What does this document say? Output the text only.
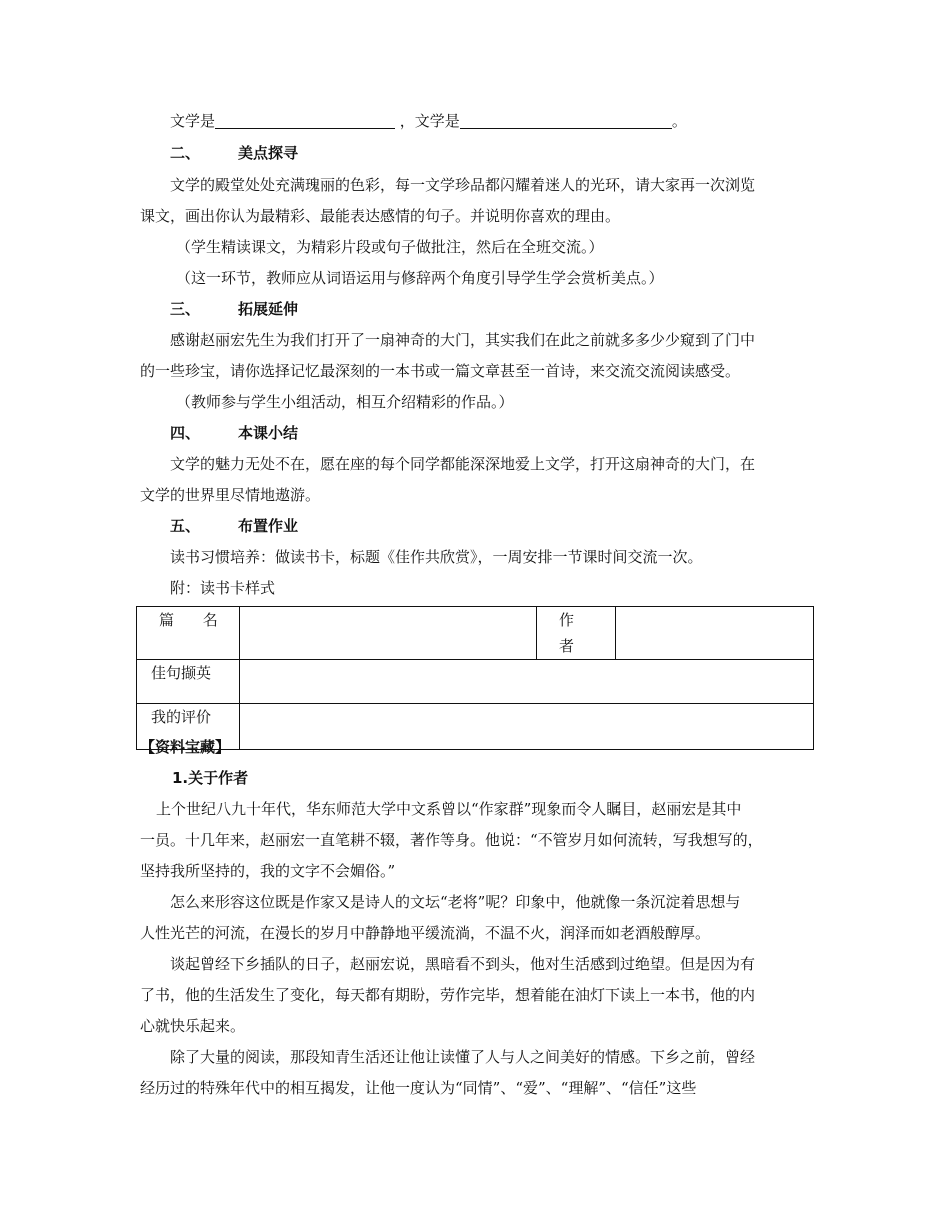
文学是	，文学是	。
二、	美点探寻
文学的殿堂处处充满瑰丽的色彩，每一文学珍品都闪耀着迷人的光环，请大家再一次浏览
课文，画出你认为最精彩、最能表达感情的句子。并说明你喜欢的理由。
（学生精读课文，为精彩片段或句子做批注，然后在全班交流。）
（这一环节，教师应从词语运用与修辞两个角度引导学生学会赏析美点。）
三、	拓展延伸
感谢赵丽宏先生为我们打开了一扇神奇的大门，其实我们在此之前就多多少少窥到了门中
的一些珍宝，请你选择记忆最深刻的一本书或一篇文章甚至一首诗，来交流交流阅读感受。
（教师参与学生小组活动，相互介绍精彩的作品。）
四、	本课小结
文学的魅力无处不在，愿在座的每个同学都能深深地爱上文学，打开这扇神奇的大门，在
文学的世界里尽情地遨游。
五、	布置作业
读书习惯培养：做读书卡，标题《佳作共欣赏》，一周安排一节课时间交流一次。
附：读书卡样式
篇 名		作 者	
佳句撷英			
我的评价			
【资料宝藏】
1.关于作者
上个世纪八九十年代，华东师范大学中文系曾以“作家群”现象而令人瞩目，赵丽宏是其中
一员。十几年来，赵丽宏一直笔耕不辍，著作等身。他说：“不管岁月如何流转，写我想写的，
坚持我所坚持的，我的文字不会媚俗。”
怎么来形容这位既是作家又是诗人的文坛“老将”呢？印象中，他就像一条沉淀着思想与
人性光芒的河流，在漫长的岁月中静静地平缓流淌，不温不火，润泽而如老酒般醇厚。
谈起曾经下乡插队的日子，赵丽宏说，黑暗看不到头，他对生活感到过绝望。但是因为有
了书，他的生活发生了变化，每天都有期盼，劳作完毕，想着能在油灯下读上一本书，他的内
心就快乐起来。
除了大量的阅读，那段知青生活还让他让读懂了人与人之间美好的情感。下乡之前，曾经
经历过的特殊年代中的相互揭发，让他一度认为“同情”、“爱”、“理解”、“信任”这些
